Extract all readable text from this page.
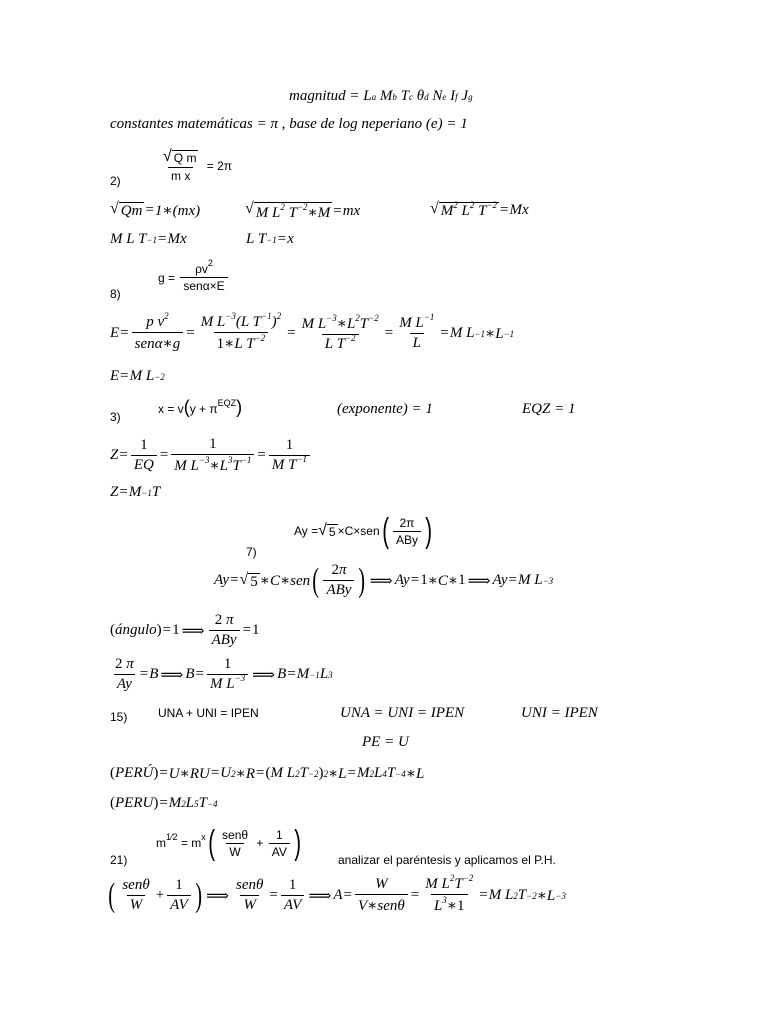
magnitud = L a M b T c θ d N e I f J g
constantes matemáticas = π , base de log neperiano (e) = 1
$\frac{\text{√ Q m}}{\text{m x}} = 2\pi$
2)
√ Qm = 1∗(mx)	√ M $L^2$ $T^{-2}∗M$ = mx	√ $M^2$ $L^2$ $T^{-2} = Mx$
M L T −1 = Mx	L T −1 = x
$g = \frac{\rho v^2}{\text{senα×E}}$
8)
$E = \frac{p v^2}{\text{senα∗g}} = \frac{M L^{-3}(L T^{-1})^2}{1∗L T^{-2}} = \frac{M L^{-3}∗L^2T^{-2}}{L T^{-2}} = \frac{M L^{-1}}{L} = M$ L −1 ∗L −1
E = M L −2
$x = v(y + \pi^{EQZ})$
3)	(exponente) = 1	EQZ = 1
$Z = \frac{1}{EQ} = \frac{1}{M L^{-3}∗L^3T^{-1}} = \frac{1}{M T^{-1}}$
Z = M −1 T
Ay = √ 5 ×C×sen ( $\frac{2\pi}{\text{ABy}}$ )
7)
Ay = √ 5 ∗C∗sen ( $\frac{2\pi}{\text{ABy}}$ ) ⟹ Ay = 1 ∗C∗ 1 ⟹ Ay = M L −3
( ángulo ) = 1 ⟹ $\frac{2 \pi}{\text{ABy}} = 1$
$\frac{2 \pi}{Ay} = B$ ⟹ $B = \frac{1}{M L^{-3}}$ ⟹ B = M −1 L 3
15)	UNA + UNI = IPEN	UNA = UNI = IPEN	UNI = IPEN
PE = U
( PERÚ ) = U∗RU = U 2 ∗R = ( M L 2 T −2 ) 2 ∗L = M 2 L 4 T −4 ∗L
( PERU ) = M 2 L 5 T −4
$m^{1⁄2} = m^x$ ( $\frac{\text{senθ}}{W} + \frac{1}{AV}$ )
21)	analizar el paréntesis y aplicamos el P.H.
( $\frac{\text{senθ}}{W} + \frac{1}{AV}$ ) ⟹ $\frac{\text{senθ}}{W} = \frac{1}{AV}$ ⟹ $A = \frac{W}{\text{V∗senθ}} = \frac{M L^2T^{-2}}{L^3∗1} = M$ L 2 T −2 ∗L −3
